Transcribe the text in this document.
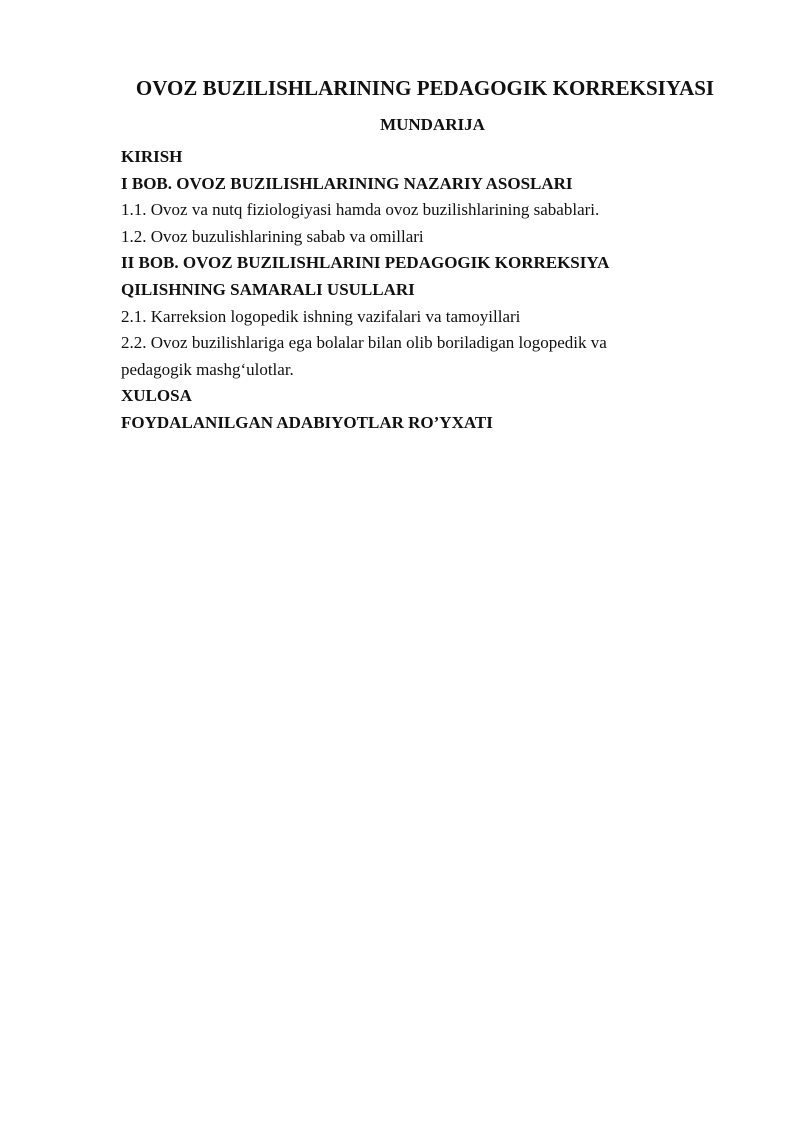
OVOZ BUZILISHLARINING PEDAGOGIK KORREKSIYASI
MUNDARIJA
KIRISH
I BOB. OVOZ BUZILISHLARINING NAZARIY ASOSLARI
1.1. Ovoz va nutq fiziologiyasi hamda ovoz buzilishlarining sabablari.
1.2. Ovoz buzulishlarining sabab va omillari
II BOB. OVOZ BUZILISHLARINI PEDAGOGIK KORREKSIYA
QILISHNING SAMARALI USULLARI
2.1. Karreksion logopedik ishning vazifalari va tamoyillari
2.2. Ovoz buzilishlariga ega bolalar bilan olib boriladigan logopedik va
pedagogik mashg‘ulotlar.
XULOSA
FOYDALANILGAN ADABIYOTLAR RO’YXATI
